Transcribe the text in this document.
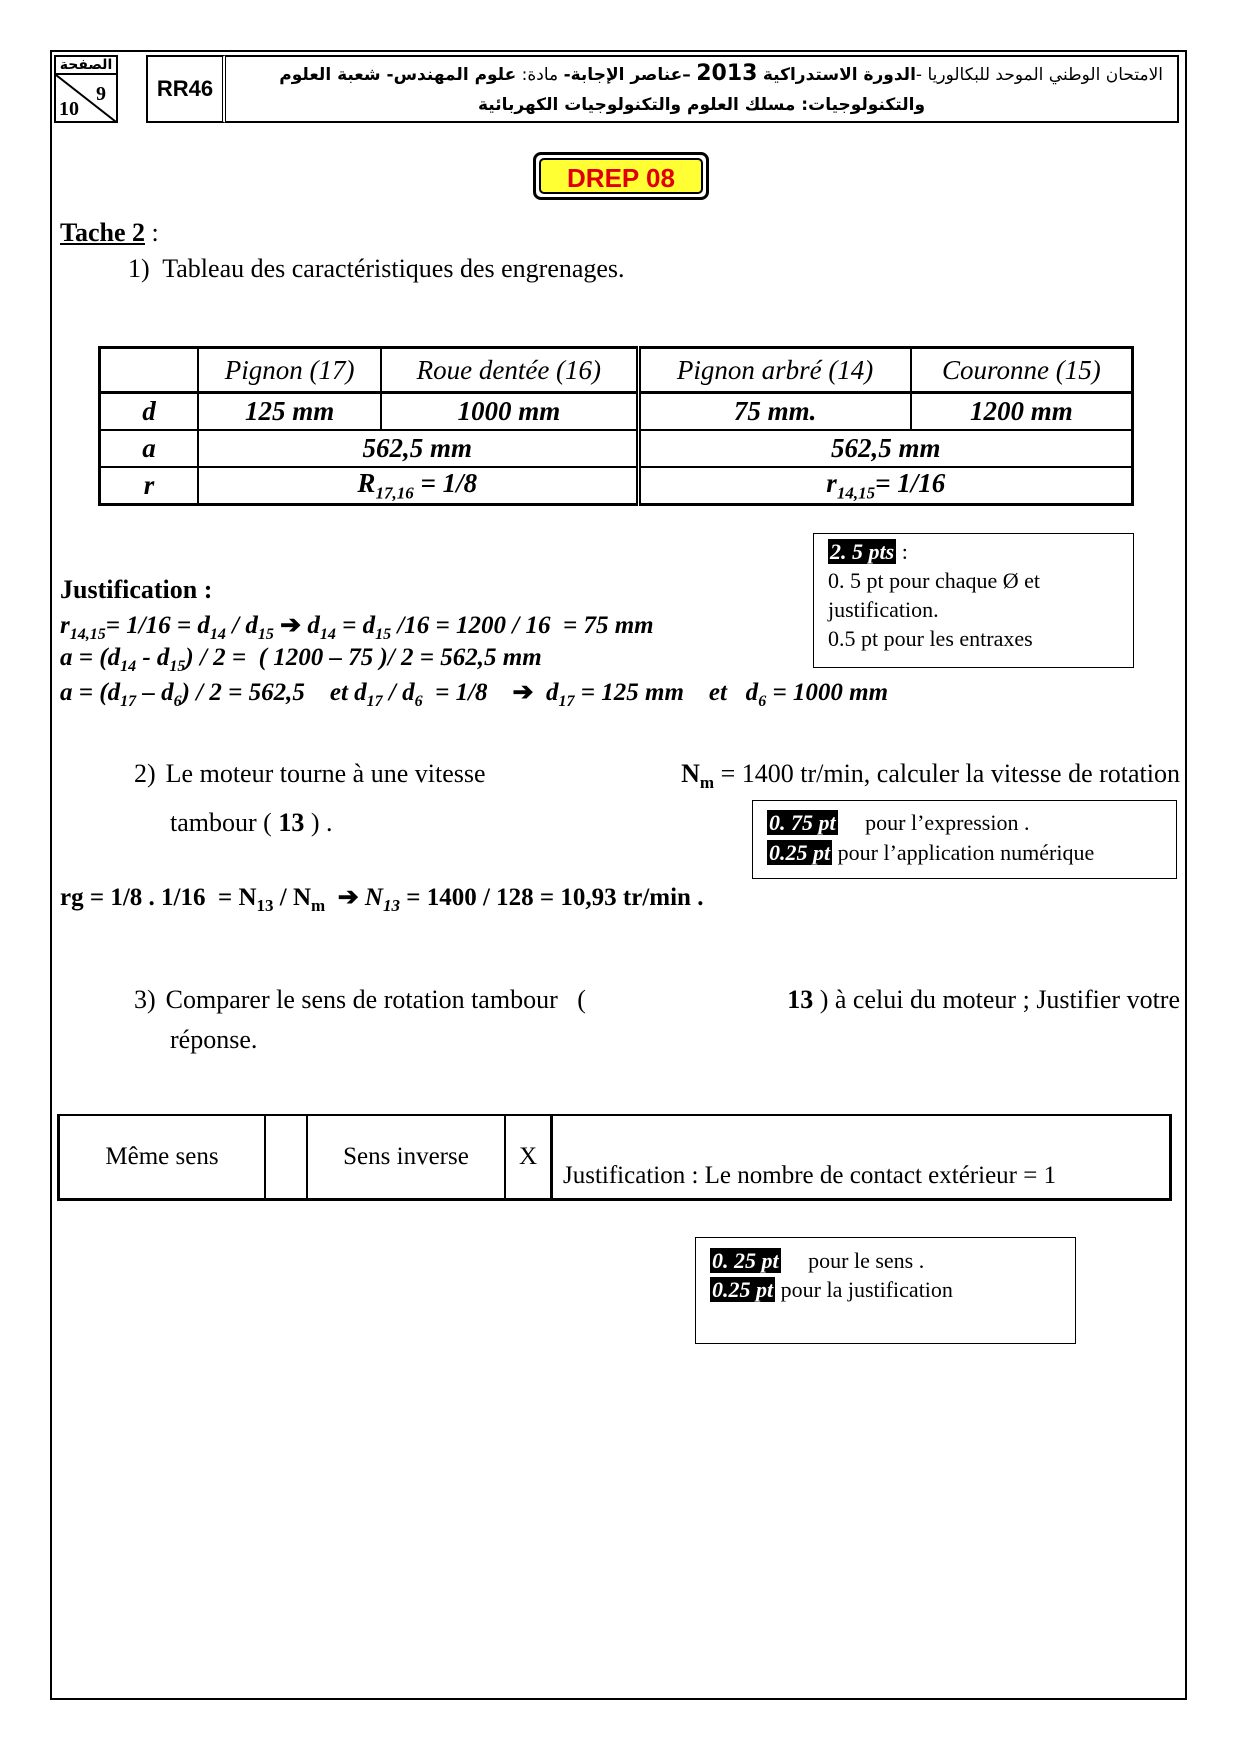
الصفحة
9
10
RR46
الامتحان الوطني الموحد للبكالوريا -الدورة الاستدراكية 2013 –عناصر الإجابة- مادة: علوم المهندس- شعبة العلوم
والتكنولوجيات: مسلك العلوم والتكنولوجيات الكهربائية
DREP 08
Tache 2 :
1) Tableau des caractéristiques des engrenages.
	Pignon (17)	Roue dentée (16)	Pignon arbré (14)	Couronne (15)
d	125 mm	1000 mm	75 mm.	1200 mm
a	562,5 mm		562,5 mm	
r	$R_{17,16} = 1/8$		$r_{14,15}= 1/16$	
2. 5 pts :
0. 5 pt pour chaque Ø et
justification.
0.5 pt pour les entraxes
Justification :
$r_{14,15}= 1/16 = d_{14} / d_{15}$ ➔ $d_{14} = d_{15}$ /16 = 1200 / 16  = 75 mm
$a = (d_{14} - d_{15}) / 2$ =  ( 1200 – 75 )/ 2 = 562,5 mm
$a = (d_{17} - d_6) / 2 = 562,5$    et $d_{17} / d_6 = 1/8$    ➔  $d_{17} = 125$ mm    et   $d_6 = 1000$ mm
2) Le moteur tourne à une vitesse	$N_m = 1400$ tr/min, calculer la vitesse de rotation
tambour ( 13 ) .	0. 75 pt     pour l’expression .
0.25 pt pour l’application numérique
rg = 1/8 . $1/16 = N_{13} / N_m$ ➔ $N_{13} = 1400 / 128 = 10,93$ tr/min .
3) Comparer le sens de rotation tambour   (	13 ) à celui du moteur ; Justifier votre
réponse.
Même sens		Sens inverse	X	Justification : Le nombre de contact extérieur = 1
0. 25 pt     pour le sens .
0.25 pt pour la justification
